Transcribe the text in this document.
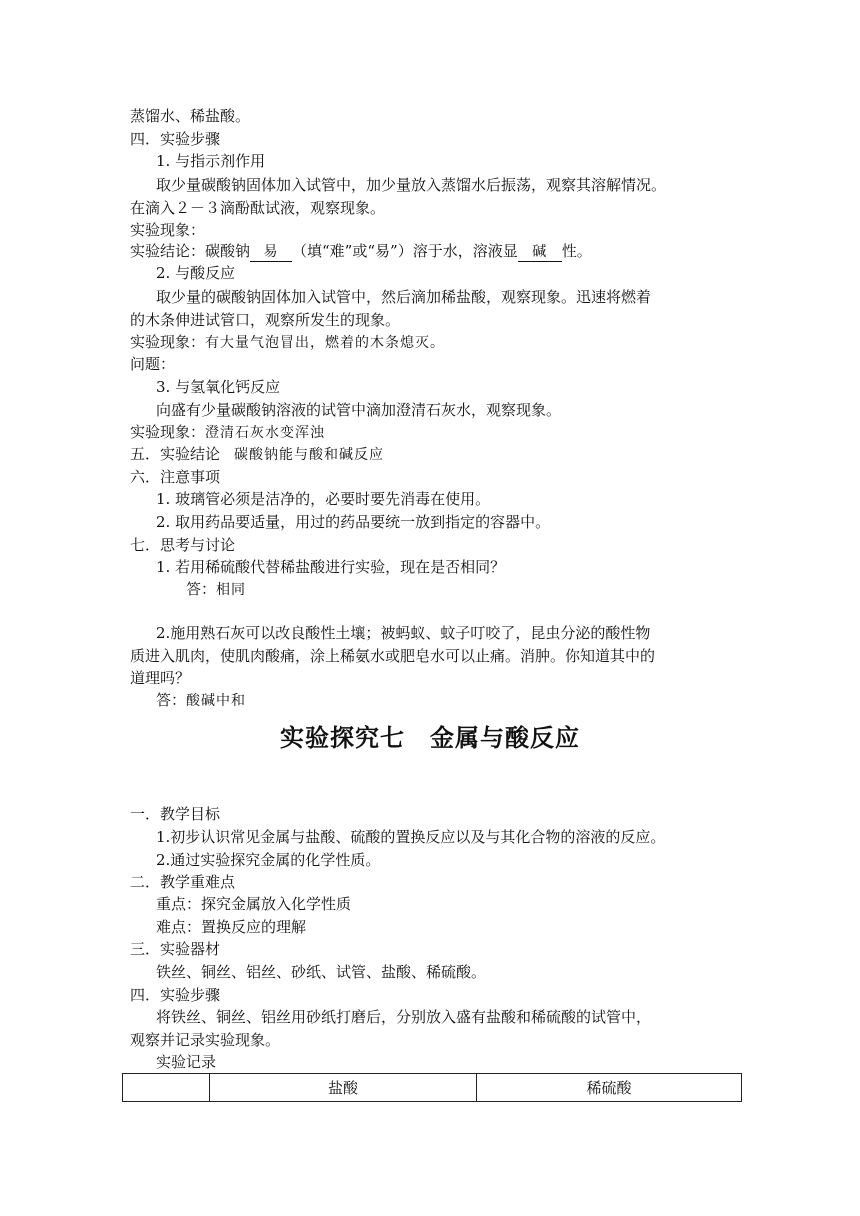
蒸馏水、稀盐酸。
四．实验步骤
1. 与指示剂作用
取少量碳酸钠固体加入试管中，加少量放入蒸馏水后振荡，观察其溶解情况。
在滴入２－３滴酚酞试液，观察现象。
实验现象：
实验结论：碳酸钠 易 （填“难”或“易”）溶于水，溶液显 碱 性。
2. 与酸反应
取少量的碳酸钠固体加入试管中，然后滴加稀盐酸，观察现象。迅速将燃着
的木条伸进试管口，观察所发生的现象。
实验现象：有大量气泡冒出，燃着的木条熄灭。
问题：
3. 与氢氧化钙反应
向盛有少量碳酸钠溶液的试管中滴加澄清石灰水，观察现象。
实验现象：澄清石灰水变浑浊
五．实验结论 碳酸钠能与酸和碱反应
六．注意事项
1. 玻璃管必须是洁净的，必要时要先消毒在使用。
2. 取用药品要适量，用过的药品要统一放到指定的容器中。
七．思考与讨论
1. 若用稀硫酸代替稀盐酸进行实验，现在是否相同？
答：相同
2.施用熟石灰可以改良酸性土壤；被蚂蚁、蚊子叮咬了，昆虫分泌的酸性物
质进入肌肉，使肌肉酸痛，涂上稀氨水或肥皂水可以止痛。消肿。你知道其中的
道理吗？
答：酸碱中和
实验探究七　金属与酸反应
一．教学目标
1.初步认识常见金属与盐酸、硫酸的置换反应以及与其化合物的溶液的反应。
2.通过实验探究金属的化学性质。
二．教学重难点
重点：探究金属放入化学性质
难点：置换反应的理解
三．实验器材
铁丝、铜丝、铝丝、砂纸、试管、盐酸、稀硫酸。
四．实验步骤
将铁丝、铜丝、铝丝用砂纸打磨后，分别放入盛有盐酸和稀硫酸的试管中，
观察并记录实验现象。
实验记录
	盐酸	稀硫酸
